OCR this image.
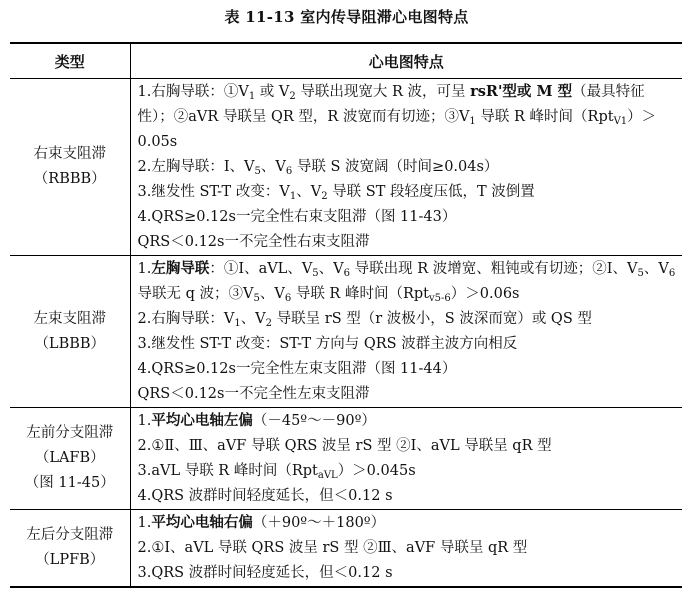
表 11-13 室内传导阻滞心电图特点
类型	心电图特点

右束支阻滞
（RBBB）	1.右胸导联：$①V_1$ 或 $V_2$ 导联出现宽大 R 波，可呈 rsR'型或 M 型（最具特征性）；②aVR 导联呈 QR 型，R 波宽而有切迹；$③V_1$ 导联 R 峰时间（Rpt$_{V1}$）＞0.05s
2.左胸导联：Ⅰ、$V_5$、$V_6$ 导联 S 波宽阔（时间≥0.04s）
3.继发性 ST-T 改变：$V_1$、$V_2$ 导联 ST 段轻度压低，T 波倒置
4.QRS≥0.12s一完全性右束支阻滞（图 11-43）
QRS＜0.12s一不完全性右束支阻滞

左束支阻滞
（LBBB）	1.左胸导联：①Ⅰ、aVL、$V_5$、$V_6$ 导联出现 R 波增宽、粗钝或有切迹；②Ⅰ、$V_5$、$V_6$ 导联无 q 波；$③V_5$、$V_6$ 导联 R 峰时间（Rpt$_{v5-6}$）＞0.06s
2.右胸导联：$V_1$、$V_2$ 导联呈 rS 型（r 波极小，S 波深而宽）或 QS 型
3.继发性 ST-T 改变：ST-T 方向与 QRS 波群主波方向相反
4.QRS≥0.12s一完全性左束支阻滞（图 11-44）
QRS＜0.12s一不完全性左束支阻滞

左前分支阻滞
（LAFB）
（图 11-45）	1.平均心电轴左偏（－45º～－90º）
2.①Ⅱ、Ⅲ、aVF 导联 QRS 波呈 rS 型 ②Ⅰ、aVL 导联呈 qR 型
3.aVL 导联 R 峰时间（Rpt$_{aVL}$）＞0.045s
4.QRS 波群时间轻度延长，但＜0.12 s

左后分支阻滞
（LPFB）	1.平均心电轴右偏（＋90º～＋180º）
2.①Ⅰ、aVL 导联 QRS 波呈 rS 型 ②Ⅲ、aVF 导联呈 qR 型
3.QRS 波群时间轻度延长，但＜0.12 s
